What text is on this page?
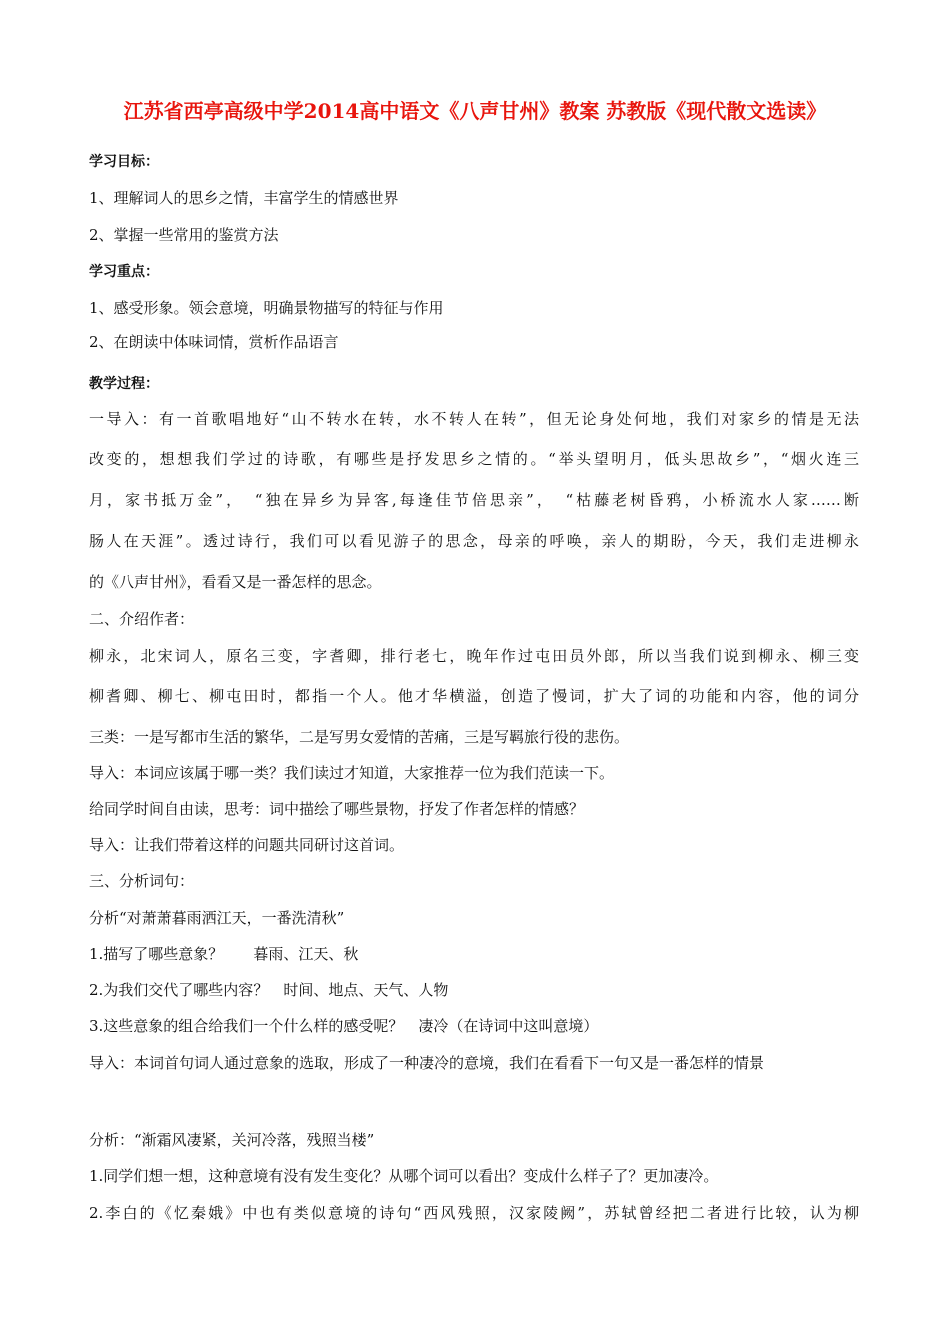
江苏省西亭高级中学2014高中语文《八声甘州》教案 苏教版《现代散文选读》

学习目标：

1、理解词人的思乡之情，丰富学生的情感世界

2、掌握一些常用的鉴赏方法

学习重点：

1、感受形象。领会意境，明确景物描写的特征与作用

2、在朗读中体味词情，赏析作品语言

教学过程：

一导入：有一首歌唱地好“山不转水在转，水不转人在转”，但无论身处何地，我们对家乡的情是无法

改变的，想想我们学过的诗歌，有哪些是抒发思乡之情的。“举头望明月，低头思故乡”，“烟火连三

月，家书抵万金”，　“独在异乡为异客,每逢佳节倍思亲”，　“枯藤老树昏鸦，小桥流水人家……断

肠人在天涯”。透过诗行，我们可以看见游子的思念，母亲的呼唤，亲人的期盼，今天，我们走进柳永

的《八声甘州》，看看又是一番怎样的思念。

二、介绍作者：

柳永，北宋词人，原名三变，字耆卿，排行老七，晚年作过屯田员外郎，所以当我们说到柳永、柳三变

柳耆卿、柳七、柳屯田时，都指一个人。他才华横溢，创造了慢词，扩大了词的功能和内容，他的词分

三类：一是写都市生活的繁华，二是写男女爱情的苦痛，三是写羁旅行役的悲伤。

导入：本词应该属于哪一类？我们读过才知道，大家推荐一位为我们范读一下。

给同学时间自由读，思考：词中描绘了哪些景物，抒发了作者怎样的情感？

导入：让我们带着这样的问题共同研讨这首词。

三、分析词句：

分析“对萧萧暮雨洒江天，一番洗清秋”

1.描写了哪些意象？　　暮雨、江天、秋

2.为我们交代了哪些内容？　时间、地点、天气、人物

3.这些意象的组合给我们一个什么样的感受呢？　凄冷（在诗词中这叫意境）

导入：本词首句词人通过意象的选取，形成了一种凄冷的意境，我们在看看下一句又是一番怎样的情景

分析：“渐霜风凄紧，关河冷落，残照当楼”

1.同学们想一想，这种意境有没有发生变化？从哪个词可以看出？变成什么样子了？更加凄冷。

2.李白的《忆秦娥》中也有类似意境的诗句“西风残照，汉家陵阙”，苏轼曾经把二者进行比较，认为柳
